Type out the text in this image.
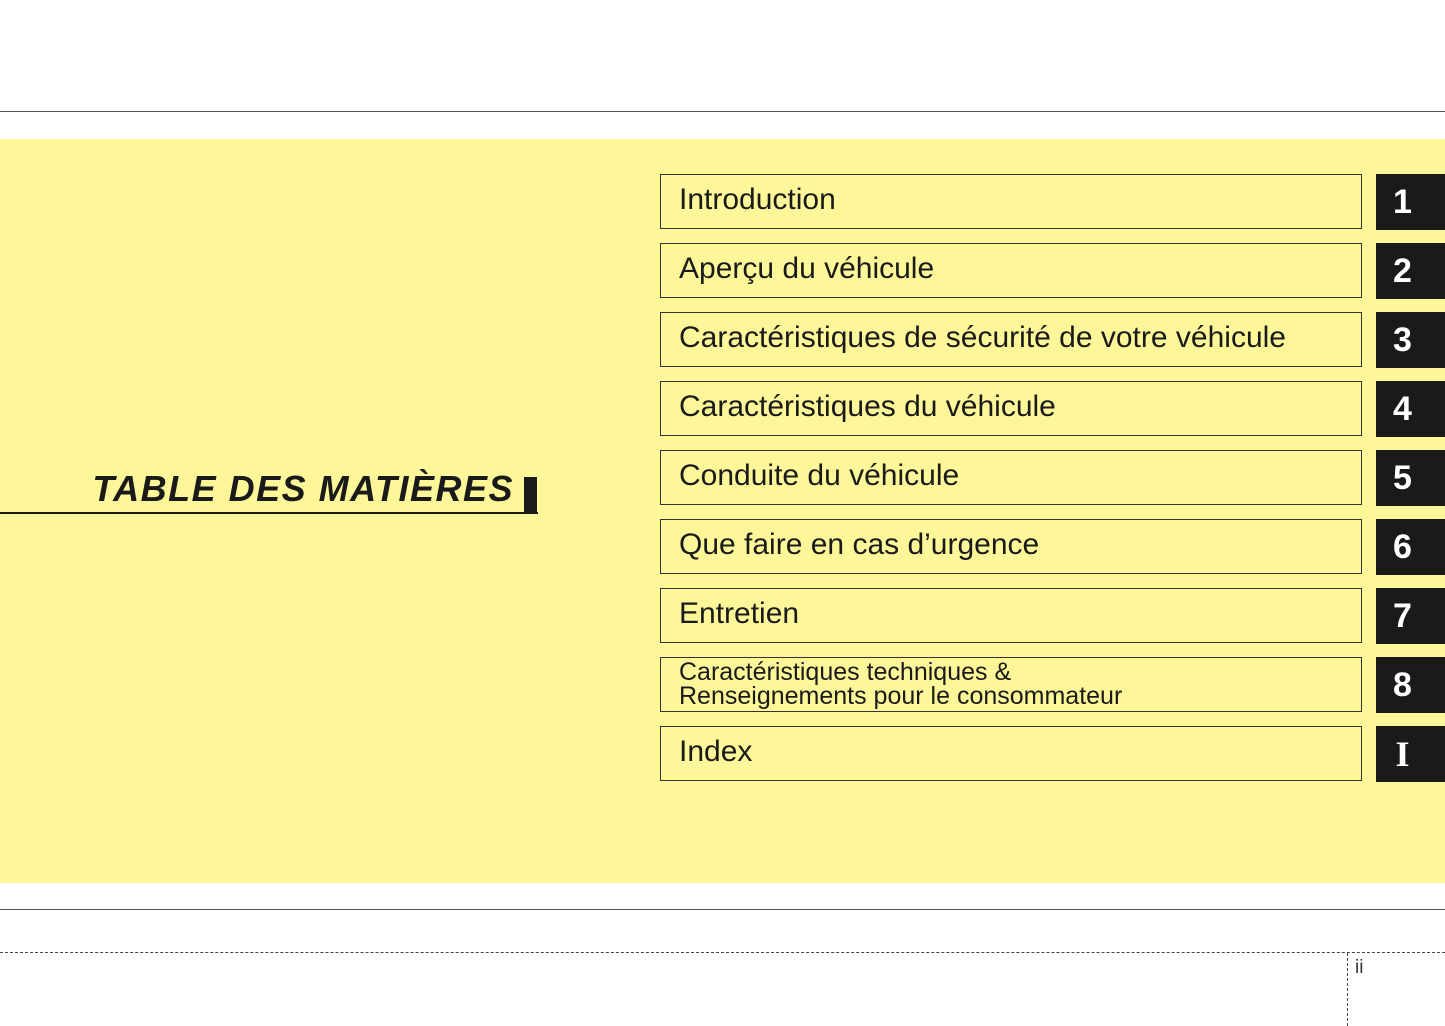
TABLE DES MATIÈRES
Introduction	1
Aperçu du véhicule	2
Caractéristiques de sécurité de votre véhicule	3
Caractéristiques du véhicule	4
Conduite du véhicule	5
Que faire en cas d’urgence	6
Entretien	7
Caractéristiques techniques &
Renseignements pour le consommateur	8
Index	I
ii
